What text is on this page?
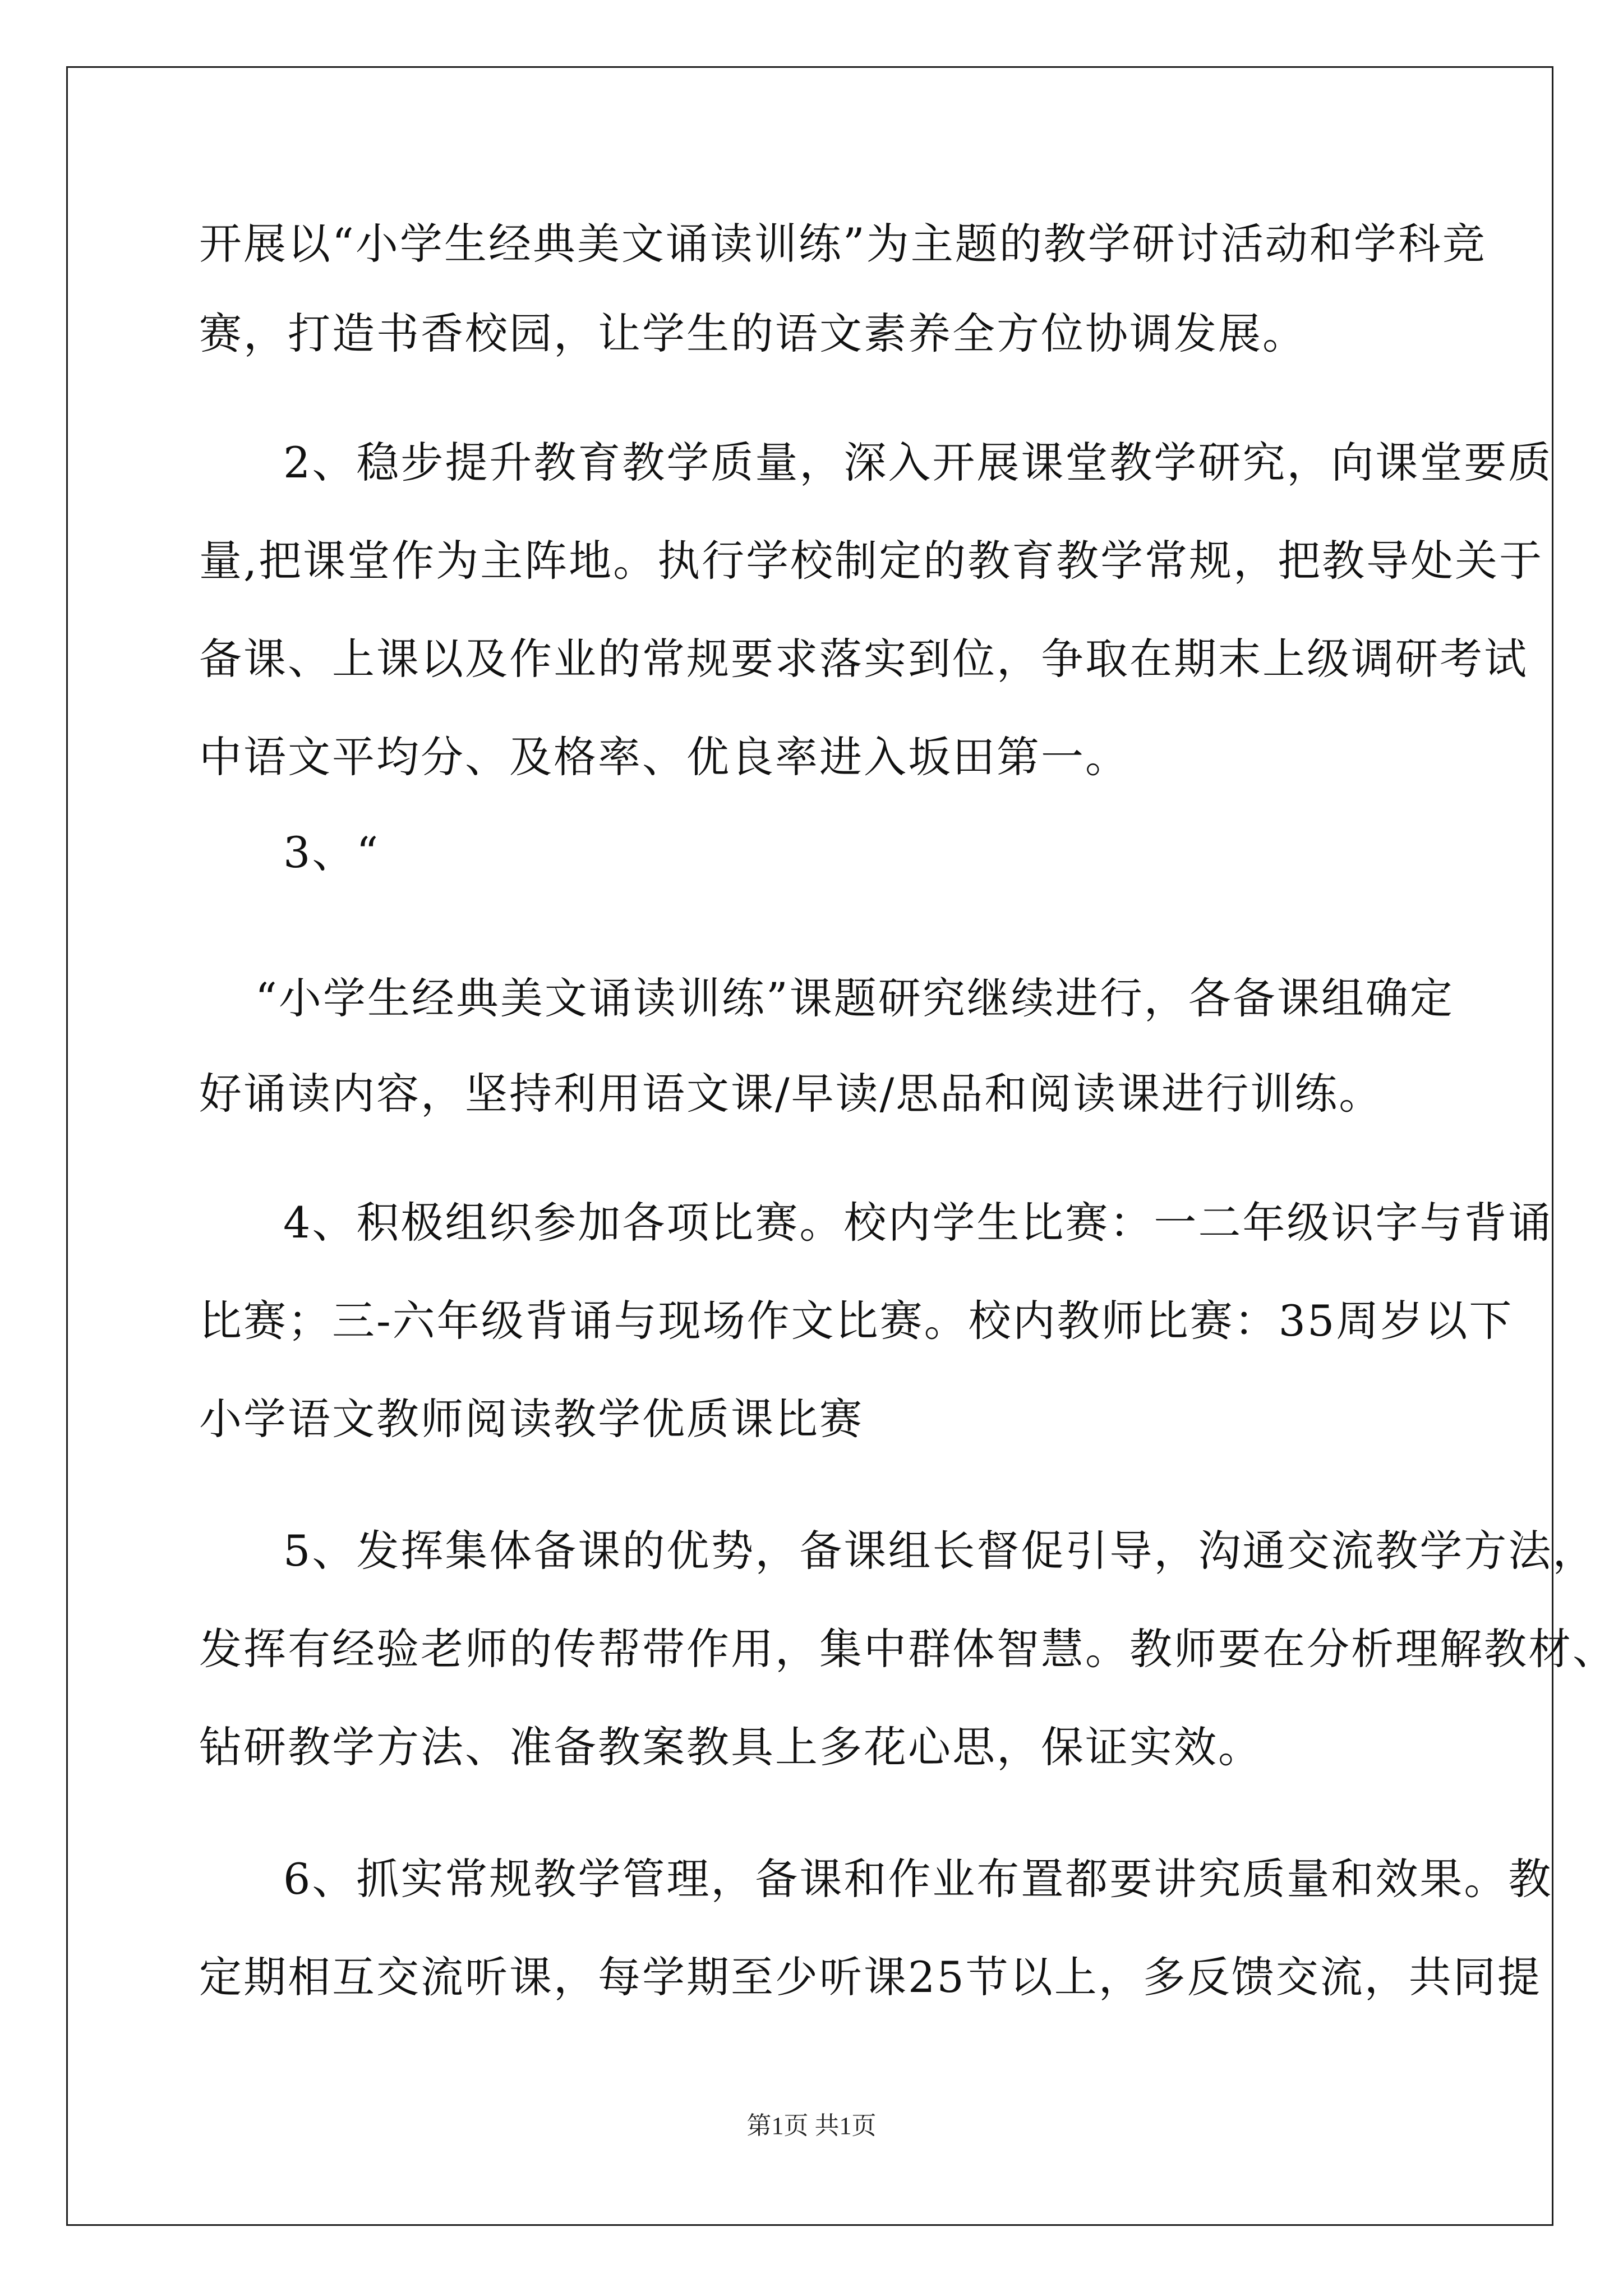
开展以“小学生经典美文诵读训练”为主题的教学研讨活动和学科竞
赛，打造书香校园，让学生的语文素养全方位协调发展。
2、稳步提升教育教学质量，深入开展课堂教学研究，向课堂要质
量,把课堂作为主阵地。执行学校制定的教育教学常规，把教导处关于
备课、上课以及作业的常规要求落实到位，争取在期末上级调研考试
中语文平均分、及格率、优良率进入坂田第一。
3、“
“小学生经典美文诵读训练”课题研究继续进行，各备课组确定
好诵读内容，坚持利用语文课/早读/思品和阅读课进行训练。
4、积极组织参加各项比赛。校内学生比赛：一二年级识字与背诵
比赛；三-六年级背诵与现场作文比赛。校内教师比赛：35周岁以下
小学语文教师阅读教学优质课比赛
5、发挥集体备课的优势，备课组长督促引导，沟通交流教学方法，
发挥有经验老师的传帮带作用，集中群体智慧。教师要在分析理解教材、
钻研教学方法、准备教案教具上多花心思，保证实效。
6、抓实常规教学管理，备课和作业布置都要讲究质量和效果。教
定期相互交流听课，每学期至少听课25节以上，多反馈交流，共同提
第1页 共1页
